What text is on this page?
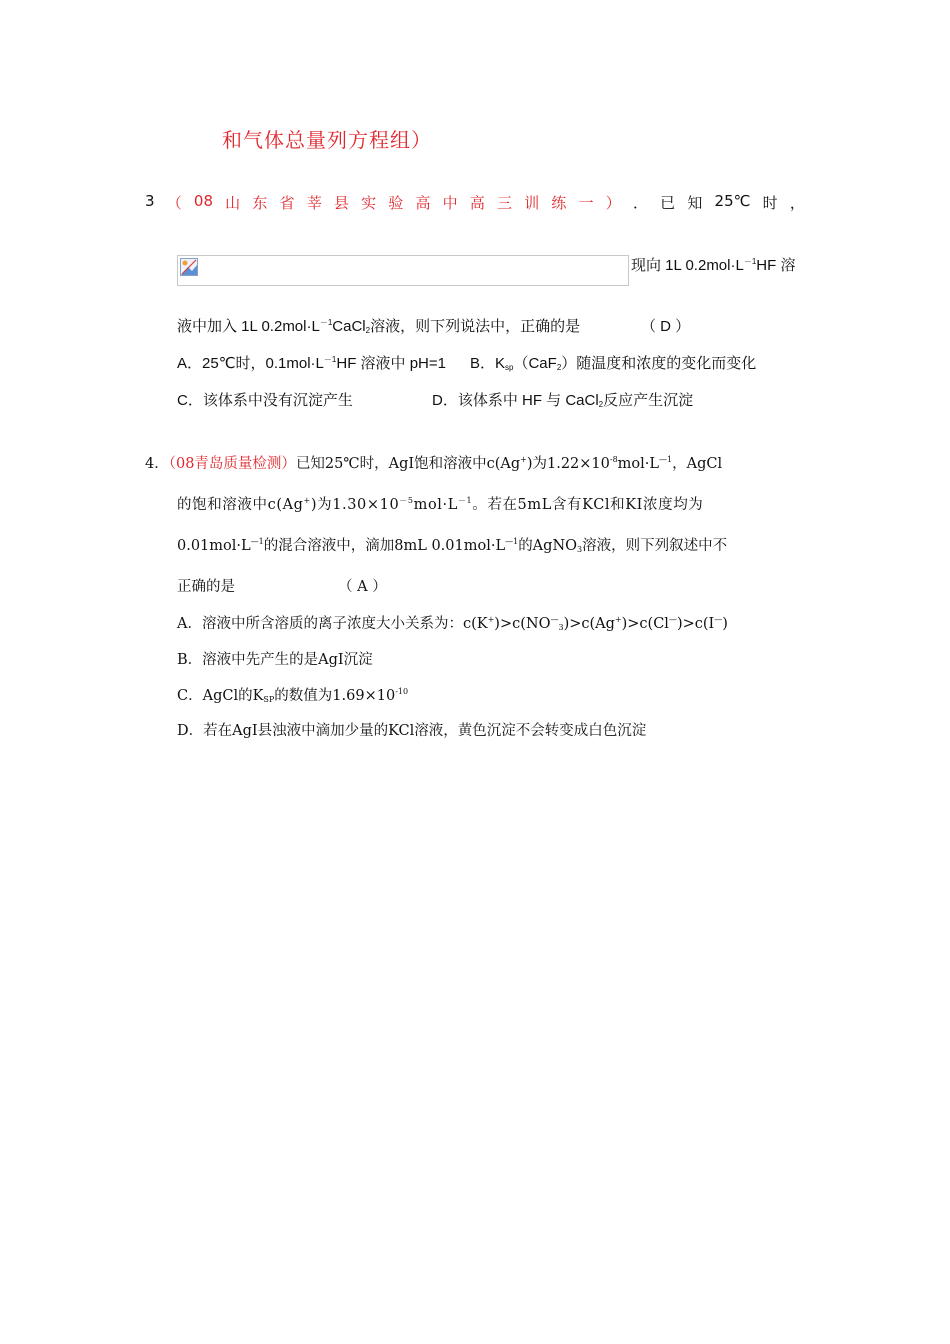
和气体总量列方程组）
3 （ 08 山 东 省 莘 县 实 验 高 中 高 三 训 练 一 ） ． 已 知 25℃ 时 ，
现向 1L $0.2mol\cdot L^{-1}HF$ 溶
液中加入 1L $0.2mol\cdot L^{-1}CaCl_2$溶液，则下列说法中，正确的是	（ D ）
A．25℃时，$0.1mol\cdot L^{-1}HF$ 溶液中 pH=1 B．$K_{sp}(CaF_2)$随温度和浓度的变化而变化
C．该体系中没有沉淀产生	D．该体系中 HF 与 CaCl$_2$反应产生沉淀
4．（08青岛质量检测）已知25℃时，AgI饱和溶液中c(Ag+)为$1.22\times 10^{-8}mol\cdot L^{—1}$，AgCl
的饱和溶液中c(Ag+)为$1.30\times 10^{-5}mol\cdot L^{-1}$。若在5mL含有KCl和KI浓度均为
$0.01mol\cdot L^{—1}$的混合溶液中，滴加8mL $0.01mol\cdot L^{—1}$的AgNO$_3$溶液，则下列叙述中不
正确的是	（ A ）
A．溶液中所含溶质的离子浓度大小关系为：$c(K^+)>c(NO^—_3)>c(Ag^+)>c(Cl^—)>c(I^—)$
B．溶液中先产生的是AgI沉淀
C．AgCl的$K_{SP}$的数值为$1.69\times 10^{-10}$
D．若在AgI县浊液中滴加少量的KCl溶液，黄色沉淀不会转变成白色沉淀
